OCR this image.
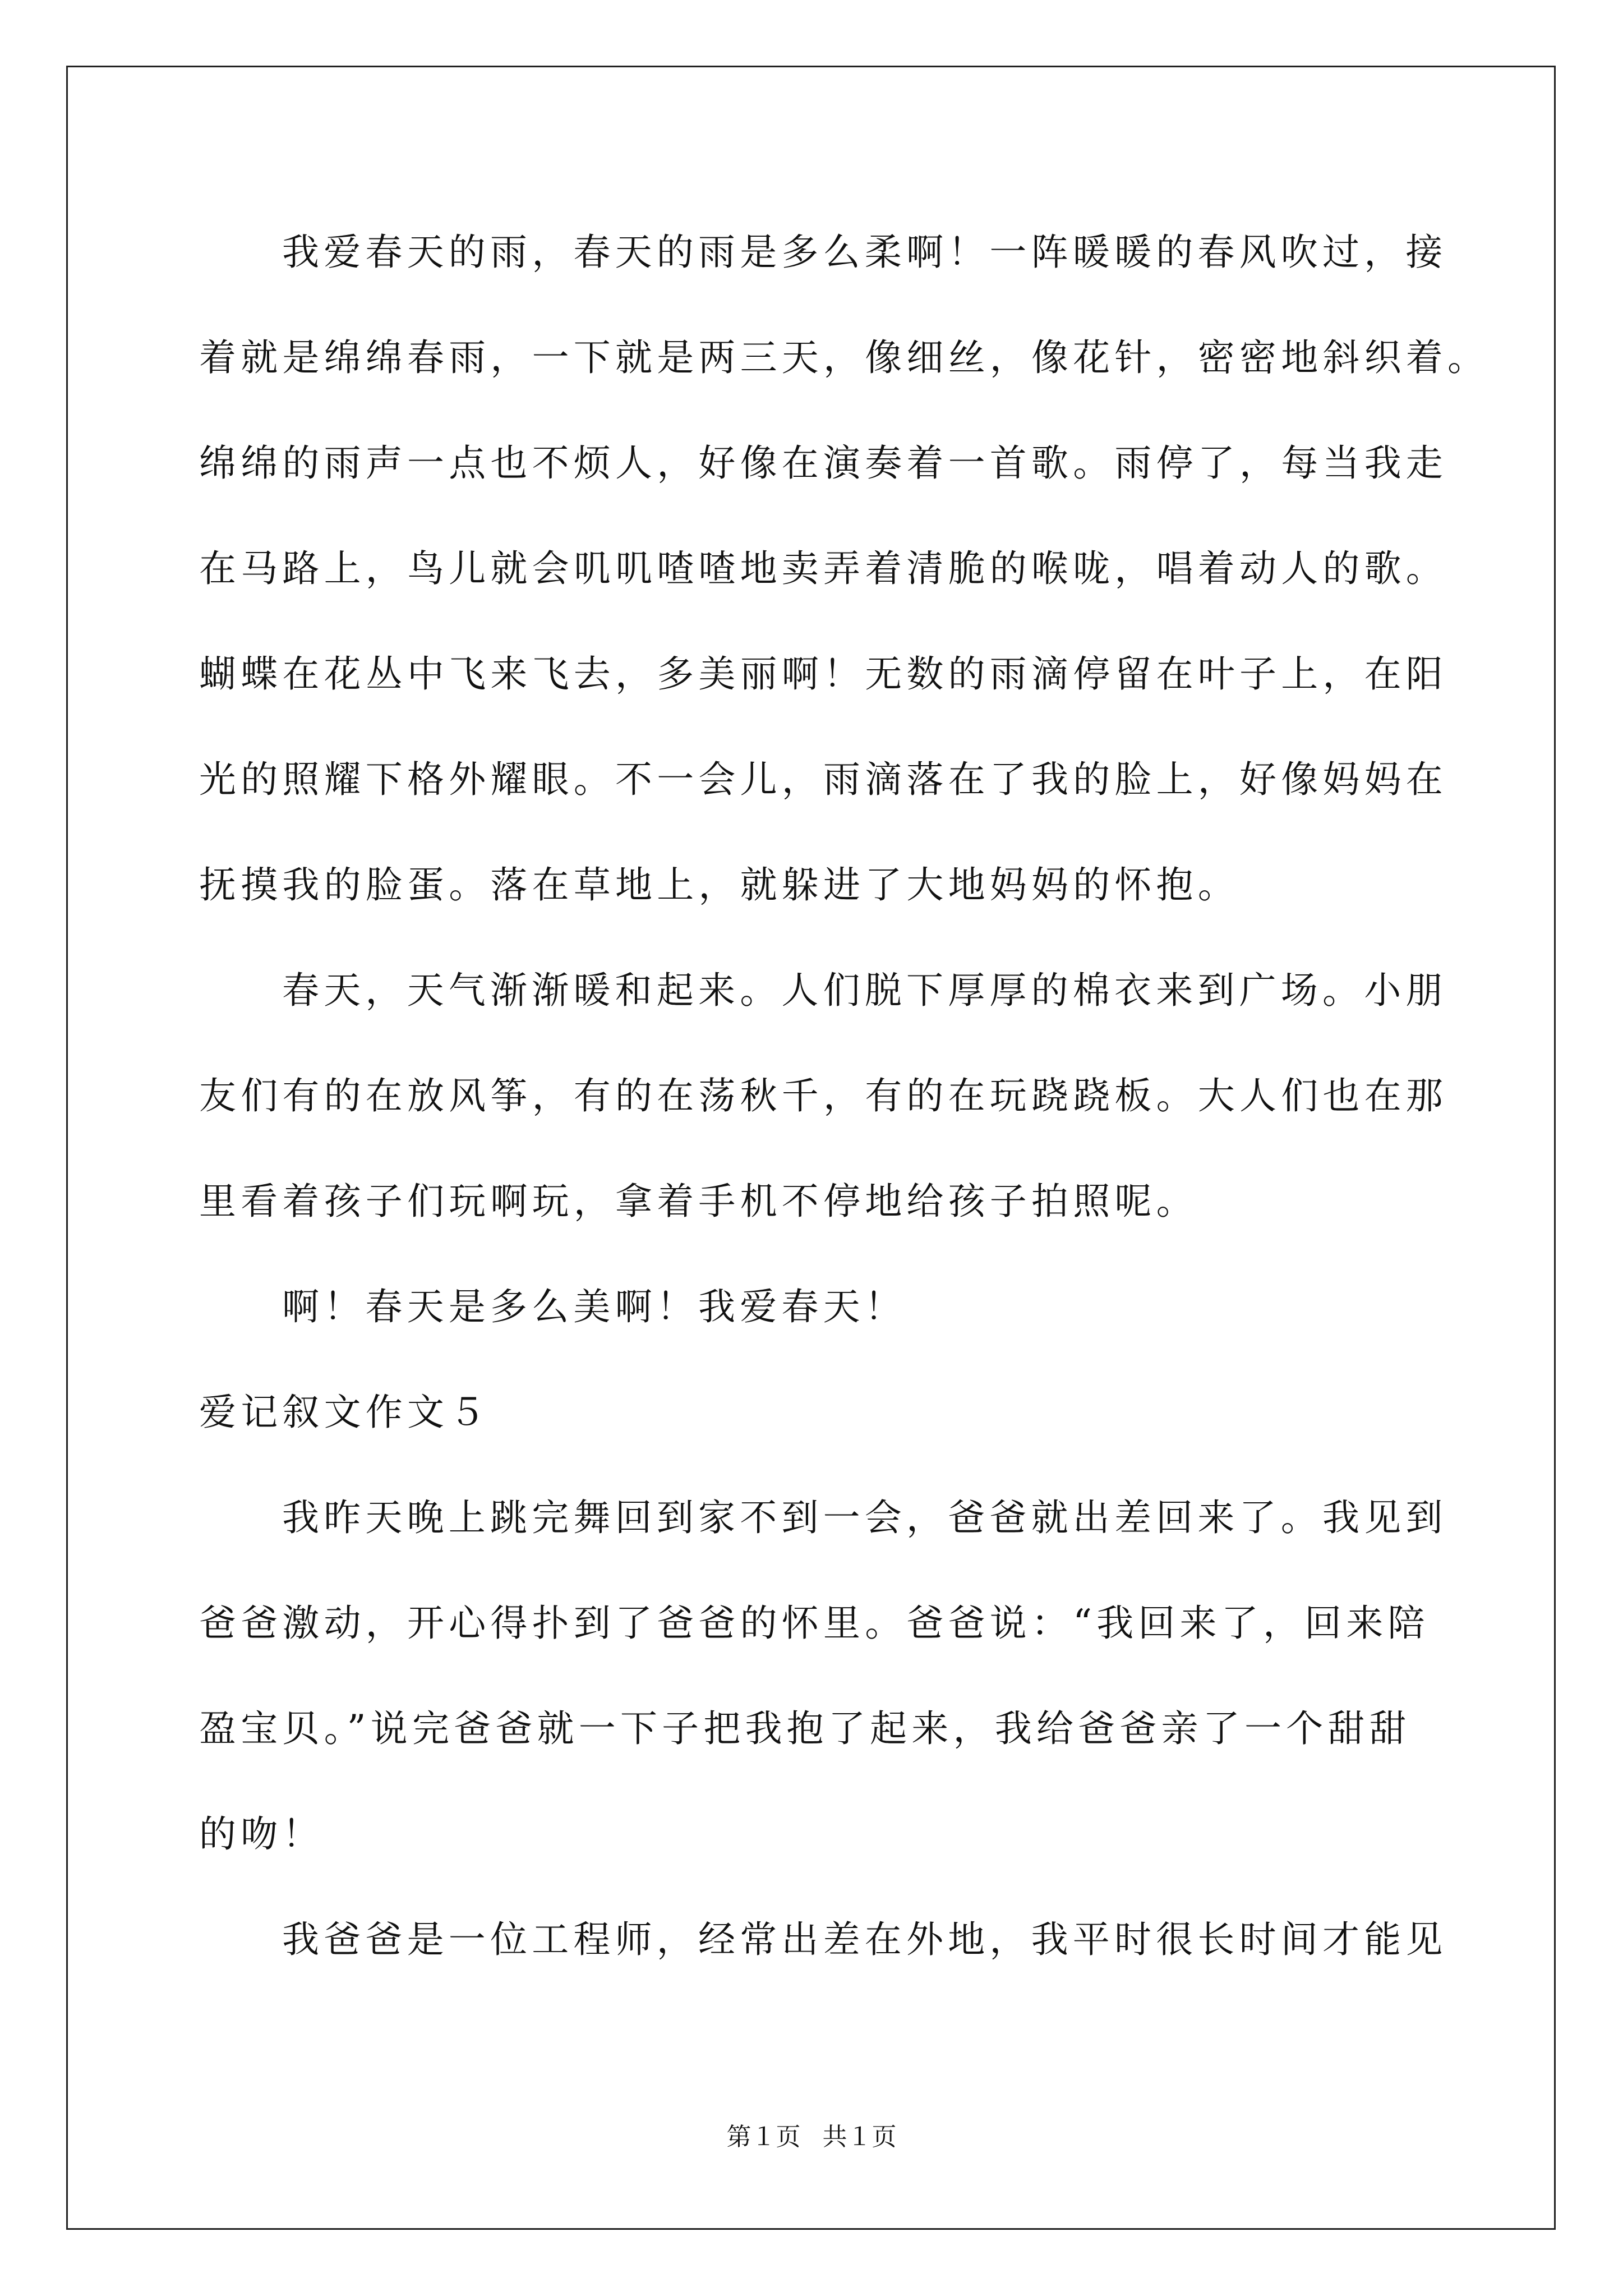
我爱春天的雨，春天的雨是多么柔啊！一阵暖暖的春风吹过，接
着就是绵绵春雨，一下就是两三天，像细丝，像花针，密密地斜织着。
绵绵的雨声一点也不烦人，好像在演奏着一首歌。雨停了，每当我走
在马路上，鸟儿就会叽叽喳喳地卖弄着清脆的喉咙，唱着动人的歌。
蝴蝶在花丛中飞来飞去，多美丽啊！无数的雨滴停留在叶子上，在阳
光的照耀下格外耀眼。不一会儿，雨滴落在了我的脸上，好像妈妈在
抚摸我的脸蛋。落在草地上，就躲进了大地妈妈的怀抱。
春天，天气渐渐暖和起来。人们脱下厚厚的棉衣来到广场。小朋
友们有的在放风筝，有的在荡秋千，有的在玩跷跷板。大人们也在那
里看着孩子们玩啊玩，拿着手机不停地给孩子拍照呢。
啊！春天是多么美啊！我爱春天！
爱记叙文作文５
我昨天晚上跳完舞回到家不到一会，爸爸就出差回来了。我见到
爸爸激动，开心得扑到了爸爸的怀里。爸爸说：“我回来了，回来陪
盈宝贝。”说完爸爸就一下子把我抱了起来，我给爸爸亲了一个甜甜
的吻！
我爸爸是一位工程师，经常出差在外地，我平时很长时间才能见
第１页 共１页
